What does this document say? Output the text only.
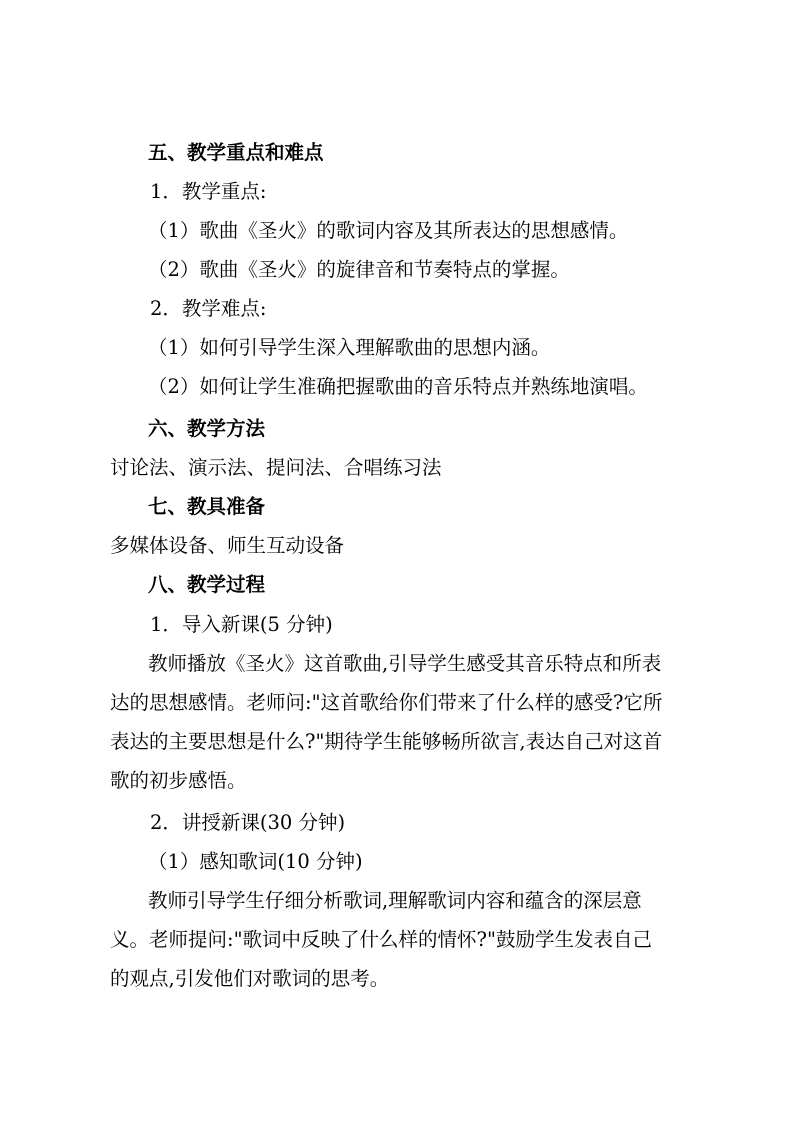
五、教学重点和难点
1．教学重点:
（1）歌曲《圣火》的歌词内容及其所表达的思想感情。
（2）歌曲《圣火》的旋律音和节奏特点的掌握。
2．教学难点:
（1）如何引导学生深入理解歌曲的思想内涵。
（2）如何让学生准确把握歌曲的音乐特点并熟练地演唱。
六、教学方法
讨论法、演示法、提问法、合唱练习法
七、教具准备
多媒体设备、师生互动设备
八、教学过程
1．导入新课(5 分钟)
教师播放《圣火》这首歌曲,引导学生感受其音乐特点和所表
达的思想感情。老师问:"这首歌给你们带来了什么样的感受?它所
表达的主要思想是什么?"期待学生能够畅所欲言,表达自己对这首
歌的初步感悟。
2．讲授新课(30 分钟)
（1）感知歌词(10 分钟)
教师引导学生仔细分析歌词,理解歌词内容和蕴含的深层意
义。老师提问:"歌词中反映了什么样的情怀?"鼓励学生发表自己
的观点,引发他们对歌词的思考。
